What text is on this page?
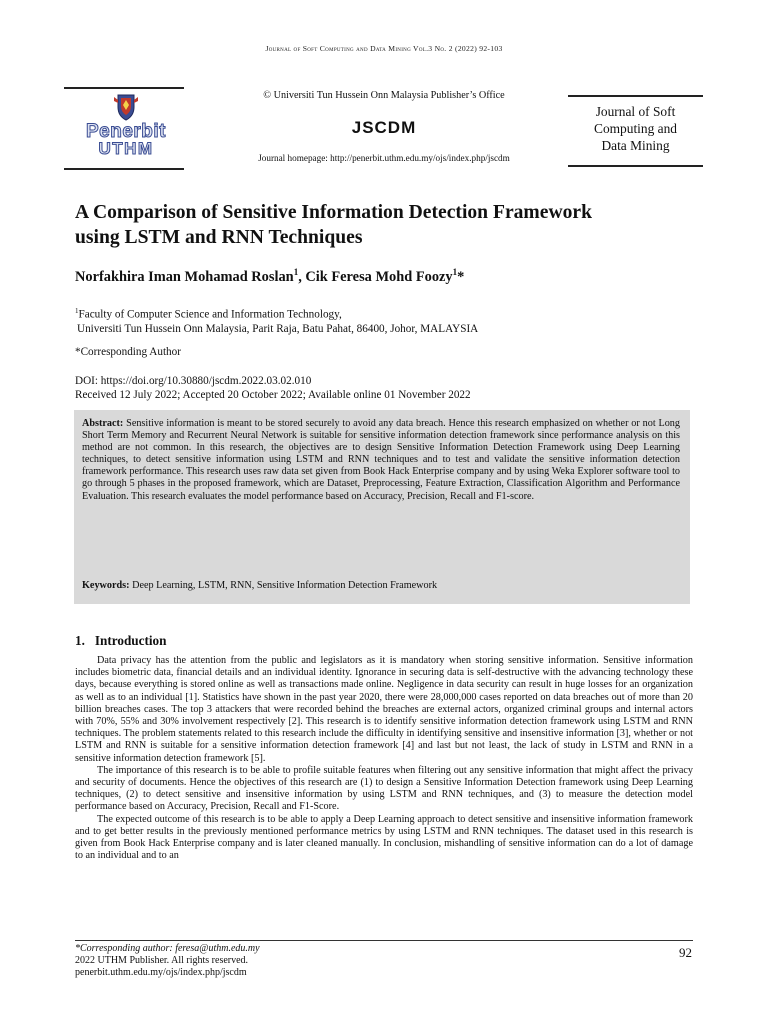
Journal of Soft Computing and Data Mining Vol.3 No. 2 (2022) 92-103
Penerbit
UTHM
© Universiti Tun Hussein Onn Malaysia Publisher’s Office
JSCDM
Journal homepage: http://penerbit.uthm.edu.my/ojs/index.php/jscdm
Journal of Soft
Computing and
Data Mining
A Comparison of Sensitive Information Detection Framework
using LSTM and RNN Techniques
Norfakhira Iman Mohamad Roslan$^1$, Cik Feresa Mohd Foozy$^1$*
$^1$Faculty of Computer Science and Information Technology,
Universiti Tun Hussein Onn Malaysia, Parit Raja, Batu Pahat, 86400, Johor, MALAYSIA
*Corresponding Author
DOI: https://doi.org/10.30880/jscdm.2022.03.02.010
Received 12 July 2022; Accepted 20 October 2022; Available online 01 November 2022
Abstract: Sensitive information is meant to be stored securely to avoid any data breach. Hence this research emphasized on whether or not Long Short Term Memory and Recurrent Neural Network is suitable for sensitive information detection framework since performance analysis on this method are not common. In this research, the objectives are to design Sensitive Information Detection Framework using Deep Learning techniques, to detect sensitive information using LSTM and RNN techniques and to test and validate the sensitive information detection framework performance. This research uses raw data set given from Book Hack Enterprise company and by using Weka Explorer software tool to go through 5 phases in the proposed framework, which are Dataset, Preprocessing, Feature Extraction, Classification Algorithm and Performance Evaluation. This research evaluates the model performance based on Accuracy, Precision, Recall and F1-score.
Keywords: Deep Learning, LSTM, RNN, Sensitive Information Detection Framework
1. Introduction

Data privacy has the attention from the public and legislators as it is mandatory when storing sensitive information. Sensitive information includes biometric data, financial details and an individual identity. Ignorance in securing data is self-destructive with the advancing technology these days, because everything is stored online as well as transactions made online. Negligence in data security can result in huge losses for an organization as well as to an individual [1]. Statistics have shown in the past year 2020, there were 28,000,000 cases reported on data breaches out of more than 20 billion breaches cases. The top 3 attackers that were recorded behind the breaches are external actors, organized criminal groups and internal actors with 70%, 55% and 30% involvement respectively [2]. This research is to identify sensitive information detection framework using LSTM and RNN techniques. The problem statements related to this research include the difficulty in identifying sensitive and insensitive information [3], whether or not LSTM and RNN is suitable for a sensitive information detection framework [4] and last but not least, the lack of study in LSTM and RNN in a sensitive information detection framework [5].

The importance of this research is to be able to profile suitable features when filtering out any sensitive information that might affect the privacy and security of documents. Hence the objectives of this research are (1) to design a Sensitive Information Detection framework using Deep Learning techniques, (2) to detect sensitive and insensitive information by using LSTM and RNN techniques, and (3) to measure the detection model performance based on Accuracy, Precision, Recall and F1-Score.

The expected outcome of this research is to be able to apply a Deep Learning approach to detect sensitive and insensitive information framework and to get better results in the previously mentioned performance metrics by using LSTM and RNN techniques. The dataset used in this research is given from Book Hack Enterprise company and is later cleaned manually. In conclusion, mishandling of sensitive information can do a lot of damage to an individual and to an

*Corresponding author: feresa@uthm.edu.my
2022 UTHM Publisher. All rights reserved.
penerbit.uthm.edu.my/ojs/index.php/jscdm
92
